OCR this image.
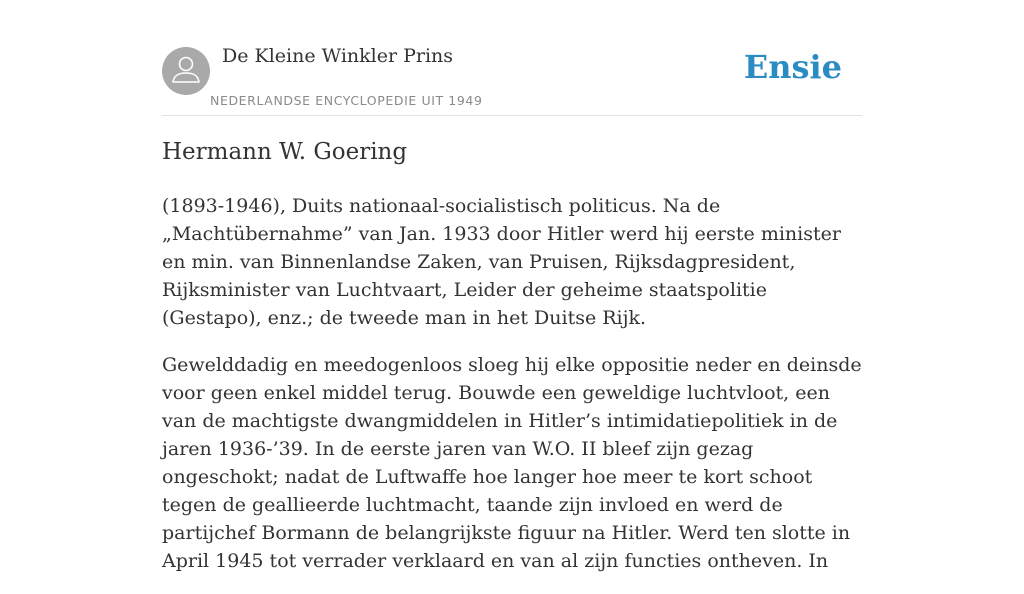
De Kleine Winkler Prins
NEDERLANDSE ENCYCLOPEDIE UIT 1949
Ensie
Hermann W. Goering

(1893-1946), Duits nationaal-socialistisch politicus. Na de „Machtübernahme” van Jan. 1933 door Hitler werd hij eerste minister en min. van Binnenlandse Zaken, van Pruisen, Rijksdagpresident, Rijksminister van Luchtvaart, Leider der geheime staatspolitie (Gestapo), enz.; de tweede man in het Duitse Rijk.

Gewelddadig en meedogenloos sloeg hij elke oppositie neder en deinsde voor geen enkel middel terug. Bouwde een geweldige luchtvloot, een van de machtigste dwangmiddelen in Hitler’s intimidatiepolitiek in de jaren 1936-’39. In de eerste jaren van W.O. II bleef zijn gezag ongeschokt; nadat de Luftwaffe hoe langer hoe meer te kort schoot tegen de geallieerde luchtmacht, taande zijn invloed en werd de partijchef Bormann de belangrijkste figuur na Hitler. Werd ten slotte in April 1945 tot verrader verklaard en van al zijn functies ontheven. In
